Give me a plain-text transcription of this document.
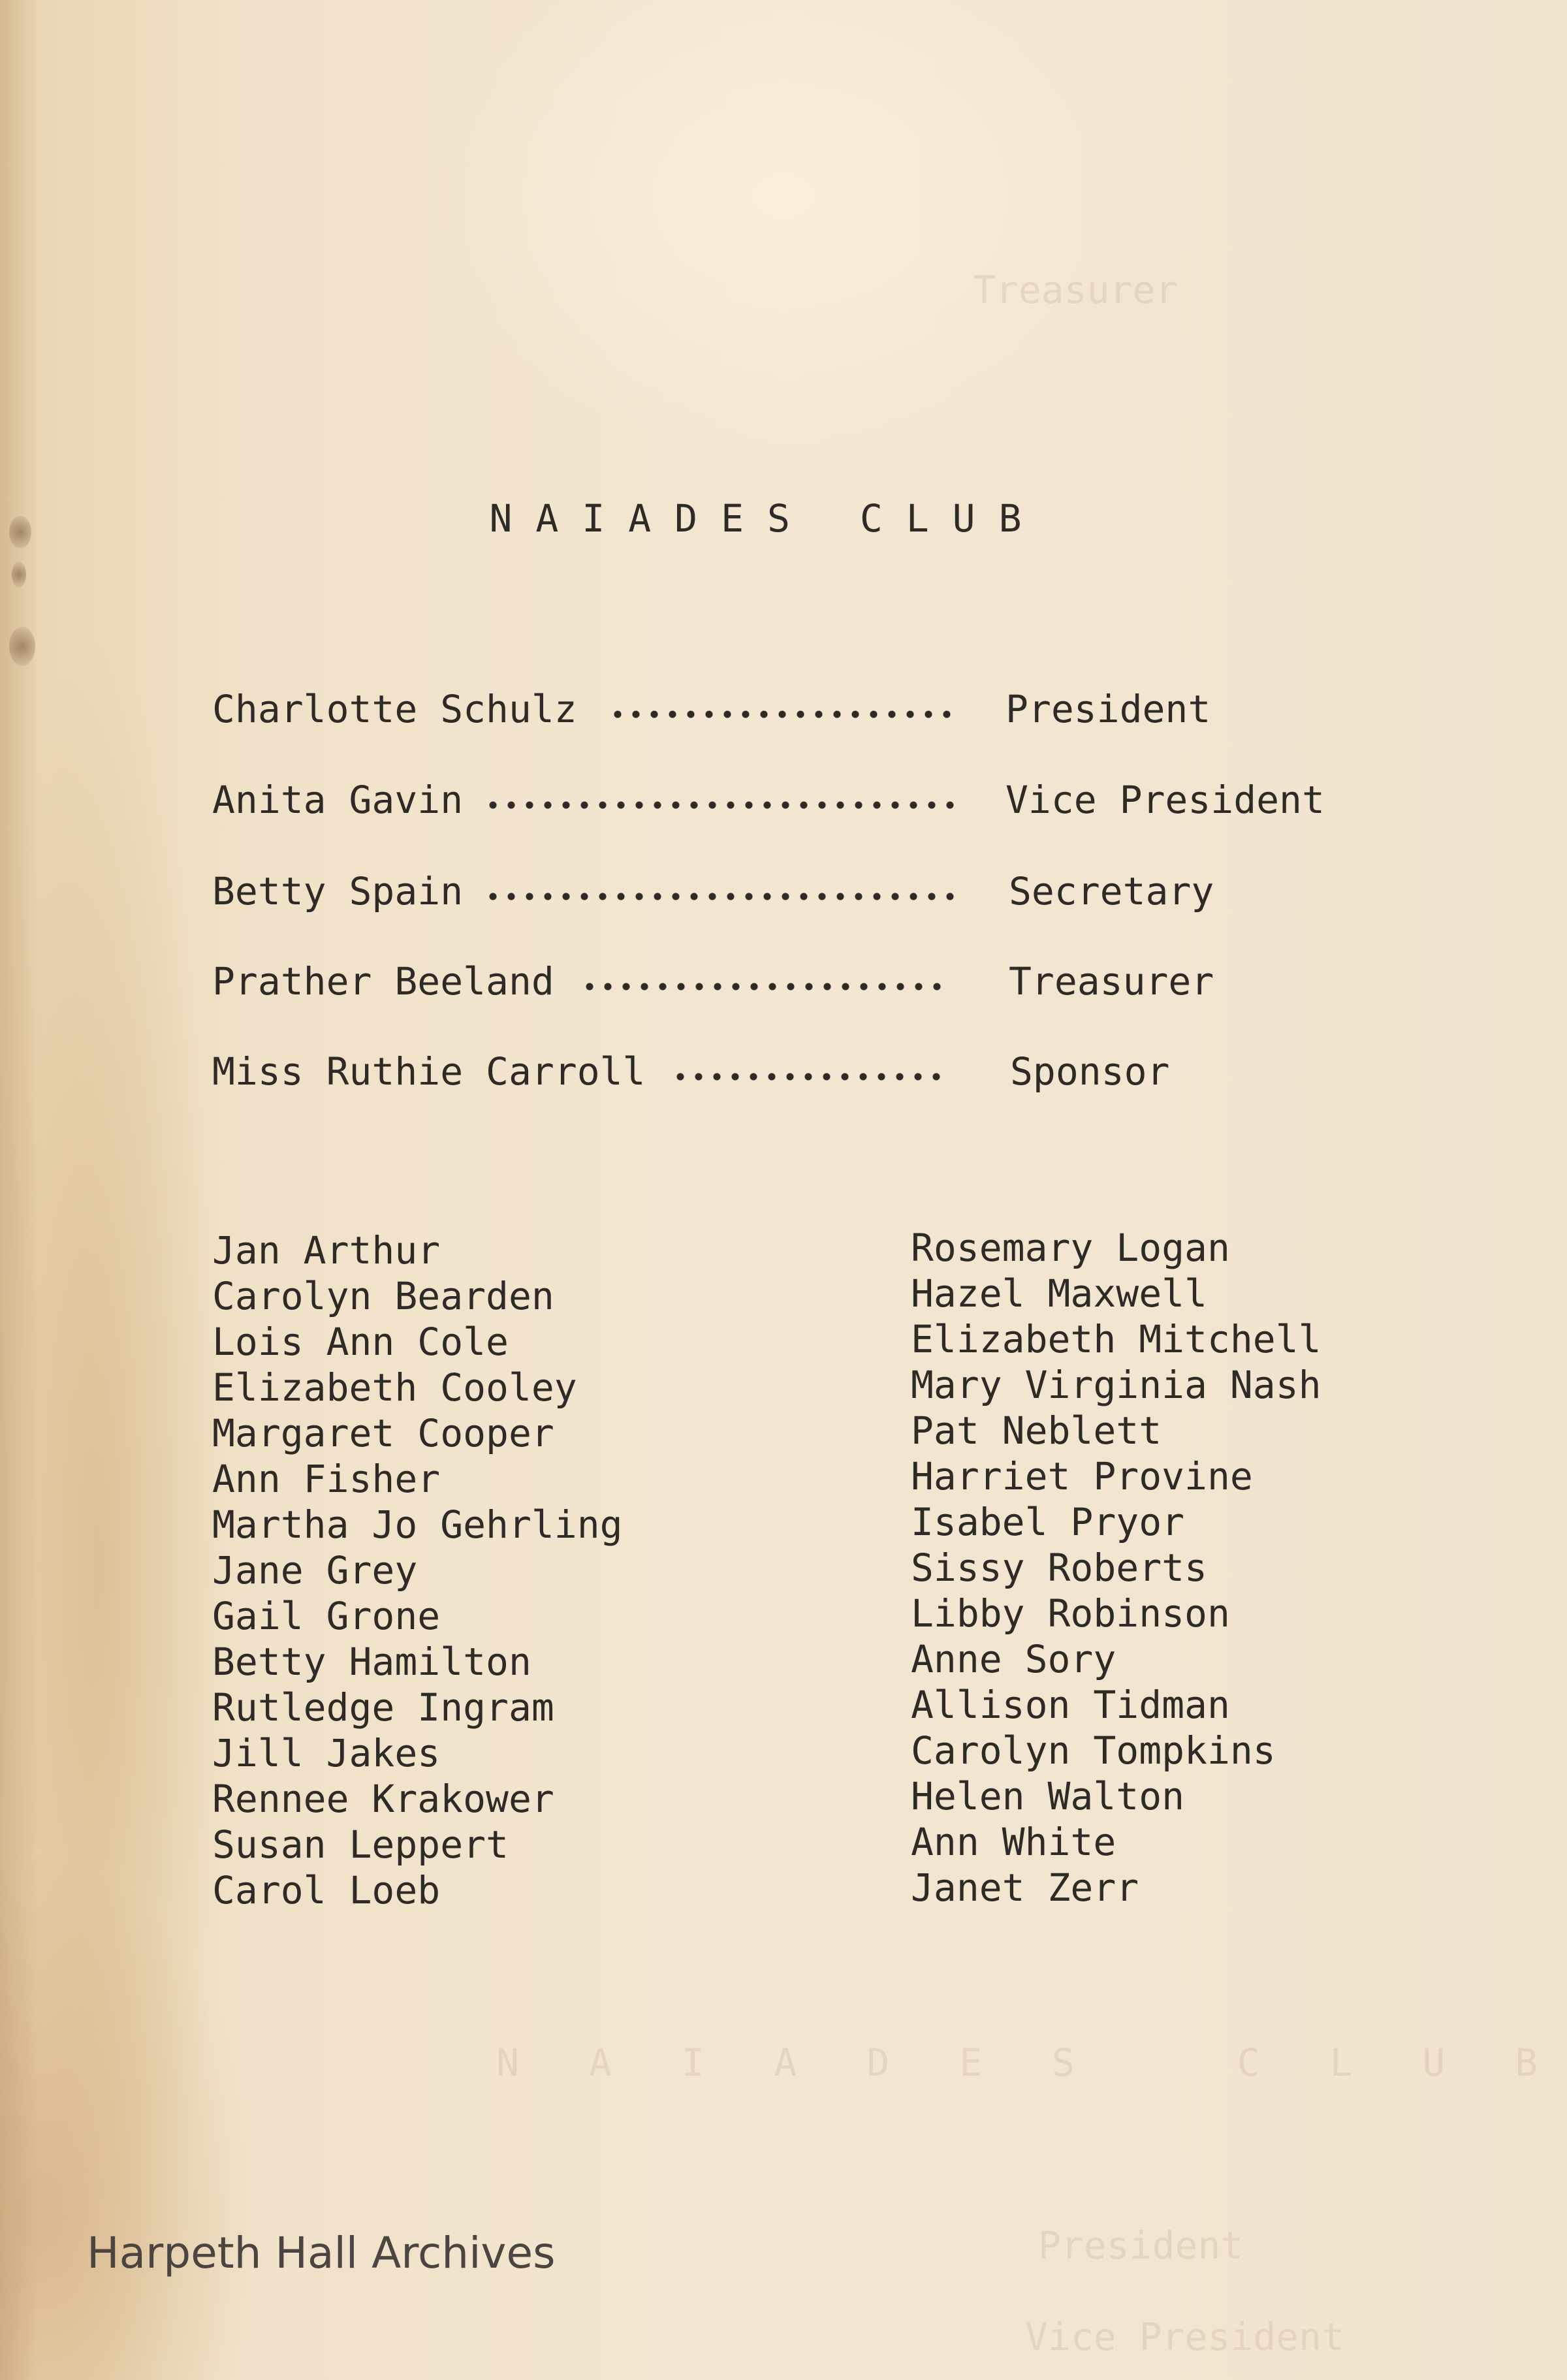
N A I A D E S   C L U B
President
Vice President
Treasurer
NAIADES CLUB
Charlotte Schulz	President
Anita Gavin	Vice President
Betty Spain	Secretary
Prather Beeland	Treasurer
Miss Ruthie Carroll	Sponsor
Jan Arthur
Carolyn Bearden
Lois Ann Cole
Elizabeth Cooley
Margaret Cooper
Ann Fisher
Martha Jo Gehrling
Jane Grey
Gail Grone
Betty Hamilton
Rutledge Ingram
Jill Jakes
Rennee Krakower
Susan Leppert
Carol Loeb
Rosemary Logan
Hazel Maxwell
Elizabeth Mitchell
Mary Virginia Nash
Pat Neblett
Harriet Provine
Isabel Pryor
Sissy Roberts
Libby Robinson
Anne Sory
Allison Tidman
Carolyn Tompkins
Helen Walton
Ann White
Janet Zerr
Harpeth Hall Archives
